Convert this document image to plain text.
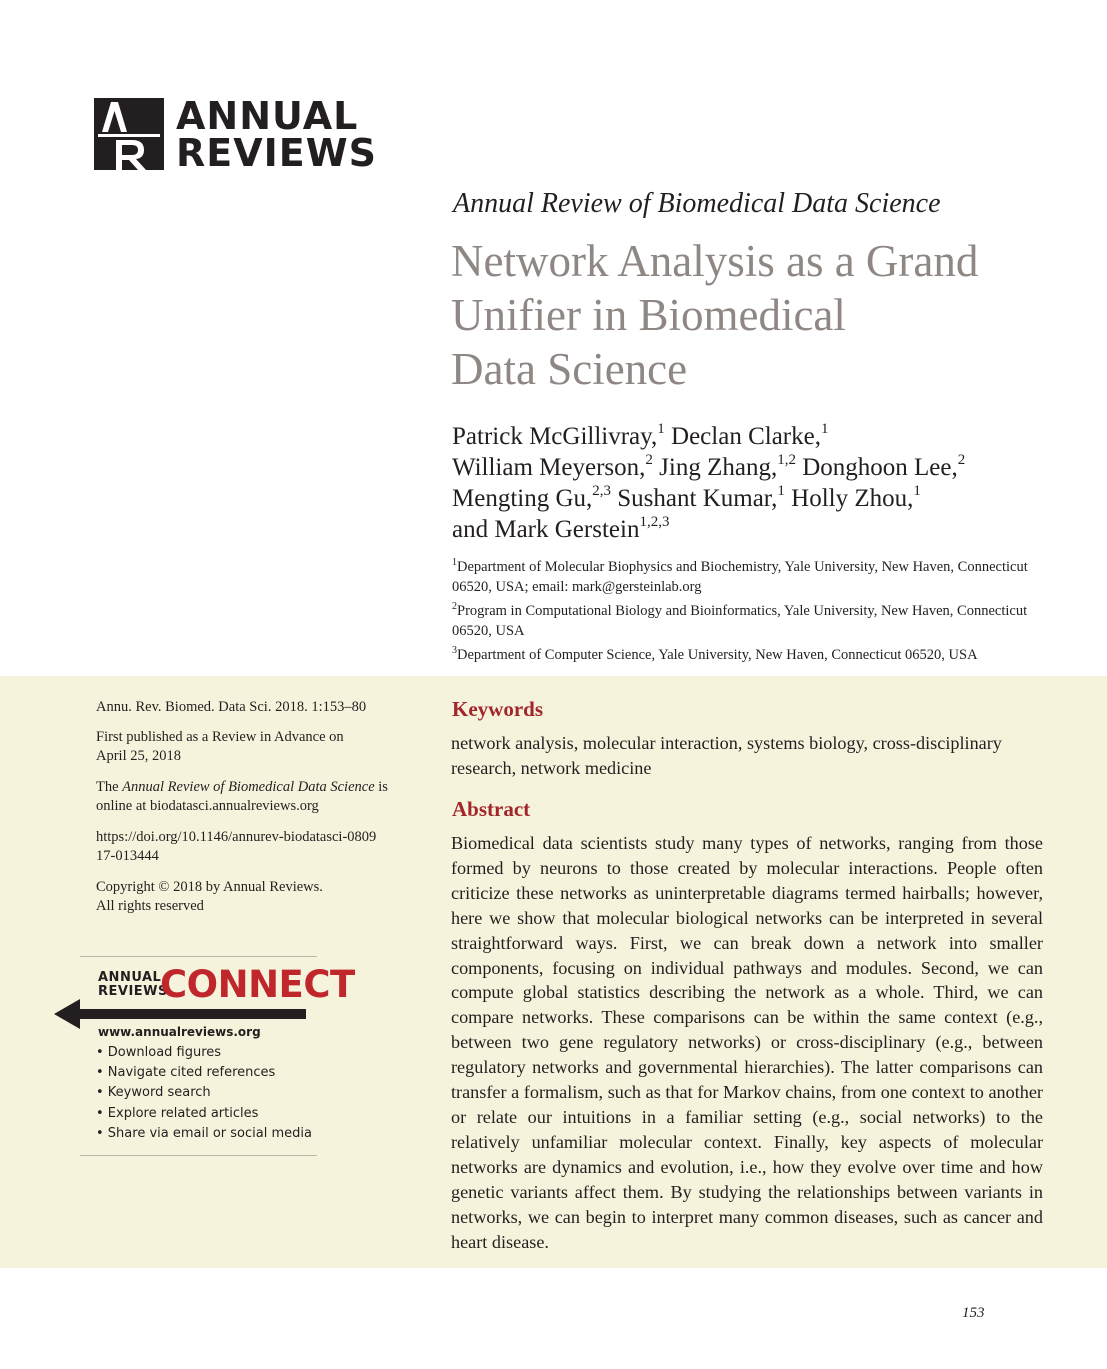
ANNUAL
REVIEWS
Annual Review of Biomedical Data Science
Network Analysis as a Grand
Unifier in Biomedical
Data Science
Patrick McGillivray,$^1$ Declan Clarke,$^1$
William Meyerson,$^2$ Jing Zhang,$^{1,2}$ Donghoon Lee,$^2$
Mengting Gu,$^{2,3}$ Sushant Kumar,$^1$ Holly Zhou,$^1$
and Mark Gerstein$^{1,2,3}$
$^1$Department of Molecular Biophysics and Biochemistry, Yale University, New Haven, Connecticut 06520, USA; email: mark@gersteinlab.org
$^2$Program in Computational Biology and Bioinformatics, Yale University, New Haven, Connecticut 06520, USA
$^3$Department of Computer Science, Yale University, New Haven, Connecticut 06520, USA
Annu. Rev. Biomed. Data Sci. 2018. 1:153–80
First published as a Review in Advance on April 25, 2018
The Annual Review of Biomedical Data Science is online at biodatasci.annualreviews.org
https://doi.org/10.1146/annurev-biodatasci-080917-013444
Copyright © 2018 by Annual Reviews.
All rights reserved
ANNUAL
REVIEWS
CONNECT
www.annualreviews.org
• Download figures
• Navigate cited references
• Keyword search
• Explore related articles
• Share via email or social media
Keywords
network analysis, molecular interaction, systems biology, cross-disciplinary research, network medicine
Abstract
Biomedical data scientists study many types of networks, ranging from those formed by neurons to those created by molecular interactions. People often criticize these networks as uninterpretable diagrams termed hairballs; however, here we show that molecular biological networks can be interpreted in several straightforward ways. First, we can break down a network into smaller components, focusing on individual pathways and modules. Second, we can compute global statistics describing the network as a whole. Third, we can compare networks. These comparisons can be within the same context (e.g., between two gene regulatory networks) or cross-disciplinary (e.g., between regulatory networks and governmental hierarchies). The latter comparisons can transfer a formalism, such as that for Markov chains, from one context to another or relate our intuitions in a familiar setting (e.g., social networks) to the relatively unfamiliar molecular context. Finally, key aspects of molecular networks are dynamics and evolution, i.e., how they evolve over time and how genetic variants affect them. By studying the relationships between variants in networks, we can begin to interpret many common diseases, such as cancer and heart disease.
153
